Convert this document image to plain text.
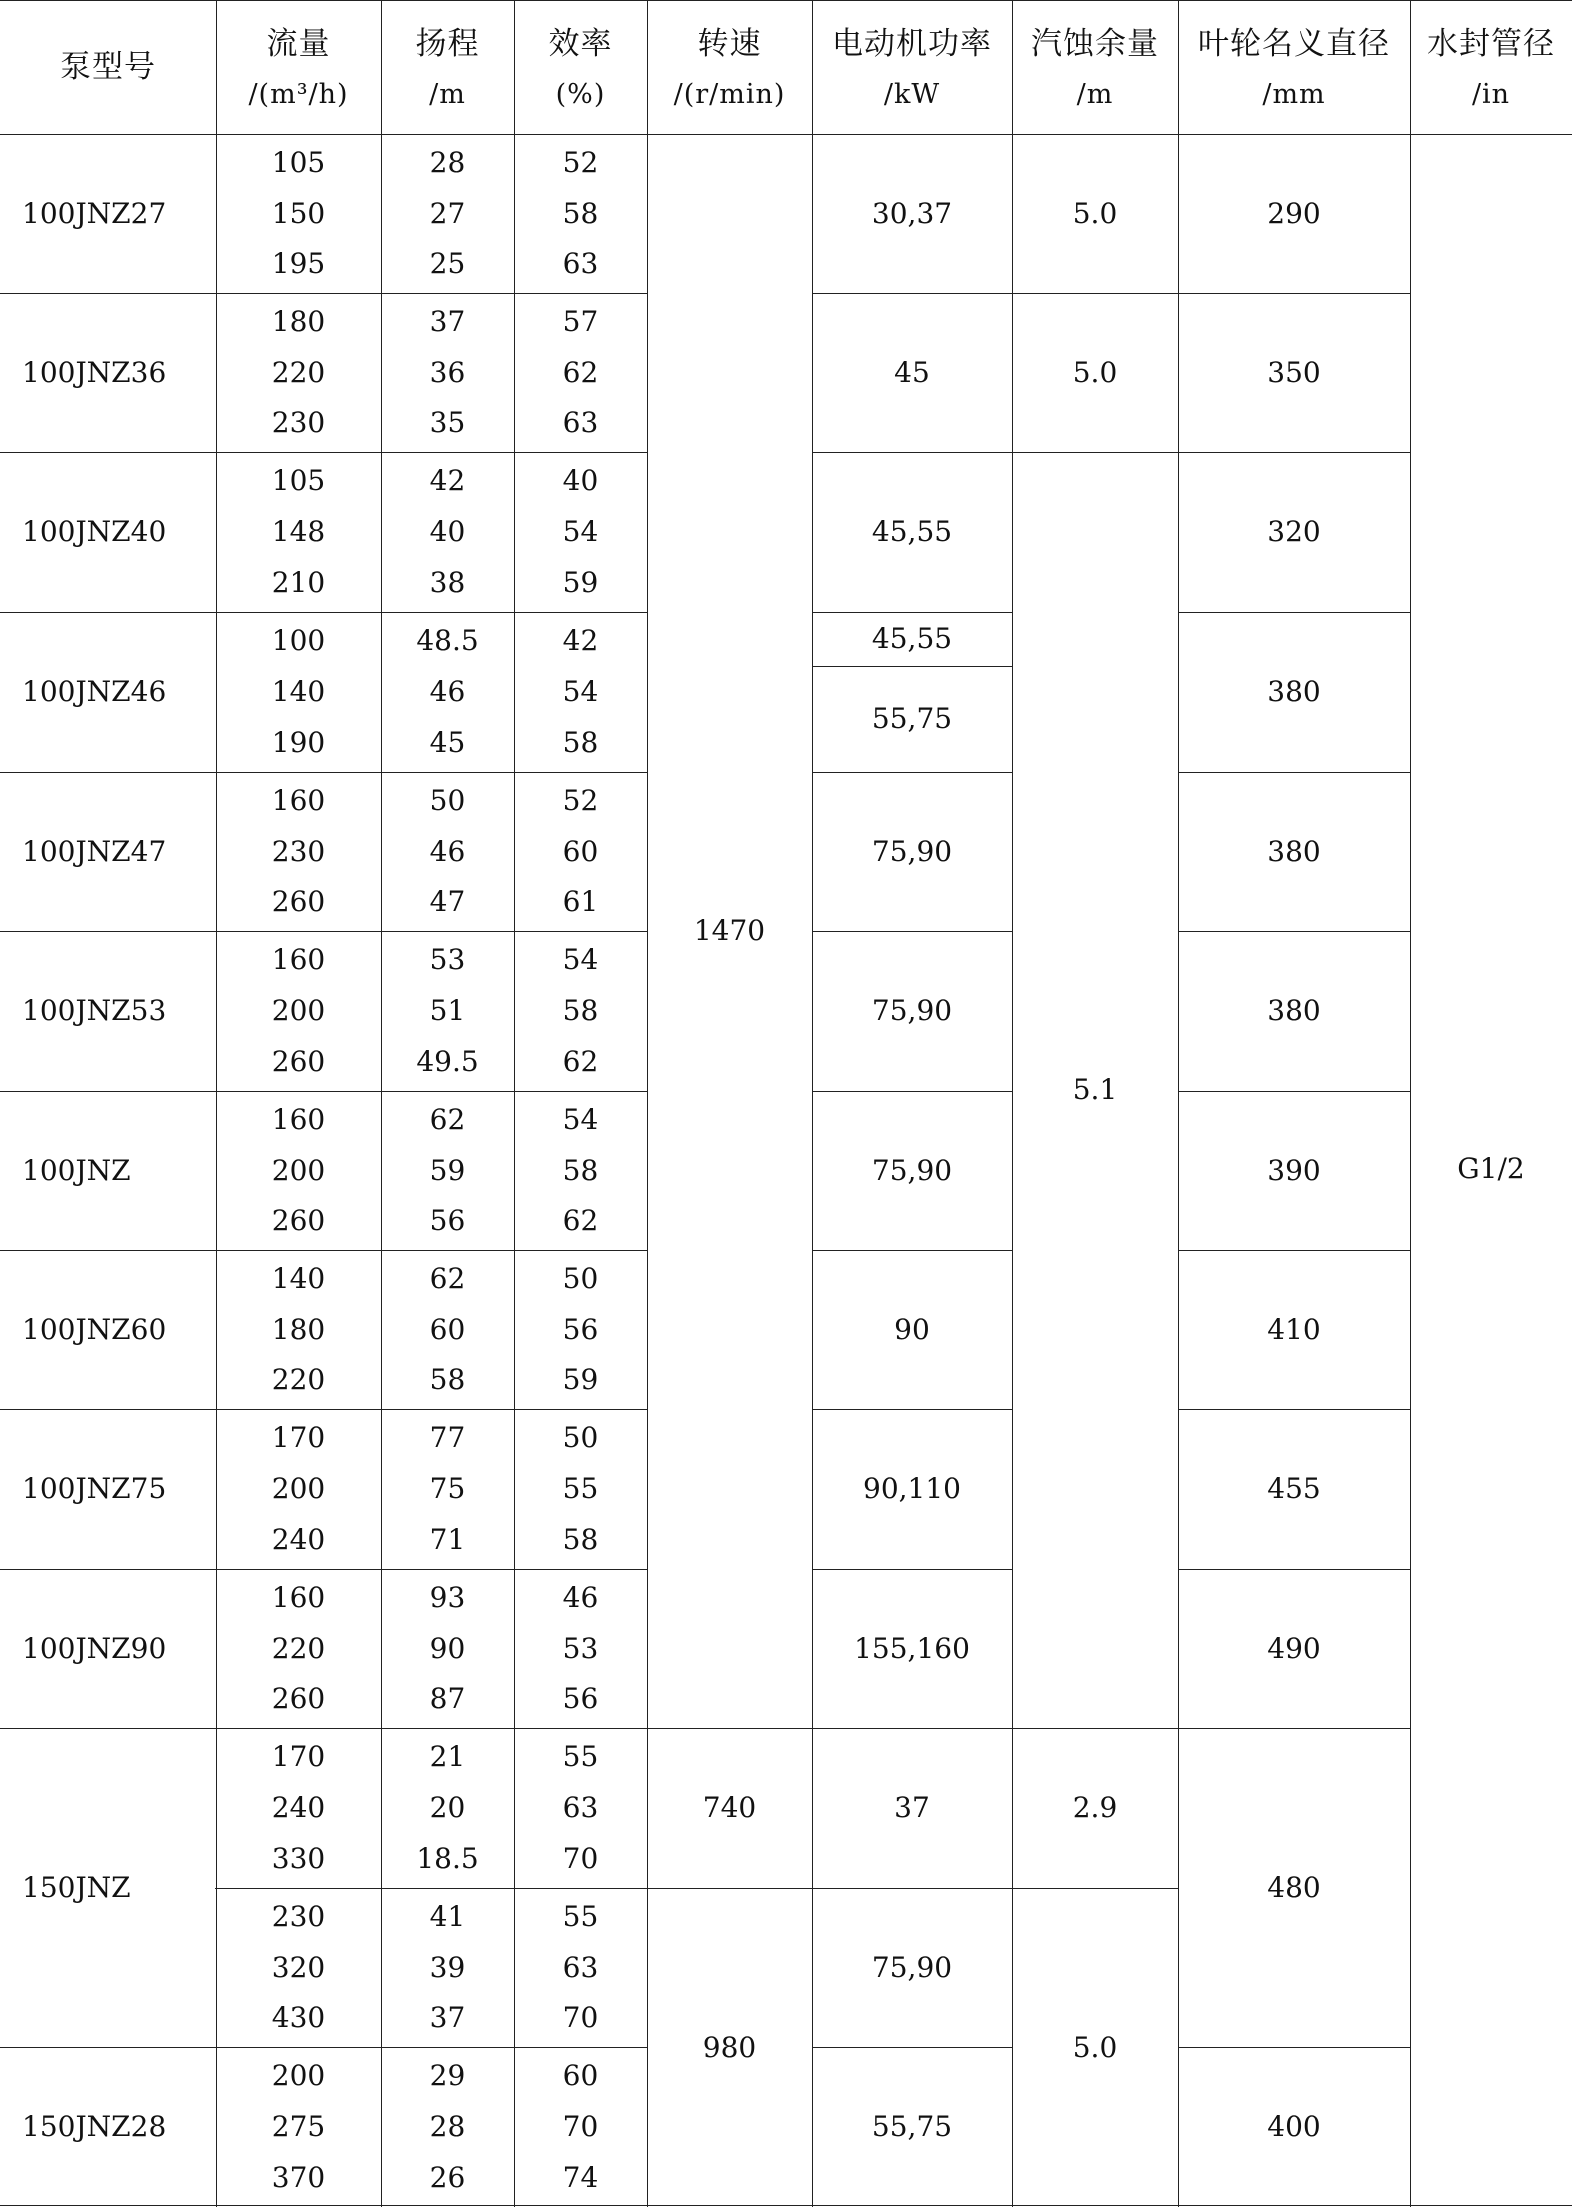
泵型号
流量
/(m³/h)
扬程
/m
效率
(%)
转速
/(r/min)
电动机功率
/kW
汽蚀余量
/m
叶轮名义直径
/mm
水封管径
/in
100JNZ27
105
150
195
28
27
25
52
58
63
100JNZ36
180
220
230
37
36
35
57
62
63
100JNZ40
105
148
210
42
40
38
40
54
59
100JNZ46
100
140
190
48.5
46
45
42
54
58
100JNZ47
160
230
260
50
46
47
52
60
61
100JNZ53
160
200
260
53
51
49.5
54
58
62
100JNZ
160
200
260
62
59
56
54
58
62
100JNZ60
140
180
220
62
60
58
50
56
59
100JNZ75
170
200
240
77
75
71
50
55
58
100JNZ90
160
220
260
93
90
87
46
53
56
170
240
330
21
20
18.5
55
63
70
230
320
430
41
39
37
55
63
70
150JNZ28
200
275
370
29
28
26
60
70
74
150JNZ
1470
740
980
30,37
45
45,55
45,55
55,75
75,90
75,90
75,90
90
90,110
155,160
37
75,90
55,75
5.0
5.0
5.1
2.9
5.0
290
350
320
380
380
380
390
410
455
490
480
400
G1/2
